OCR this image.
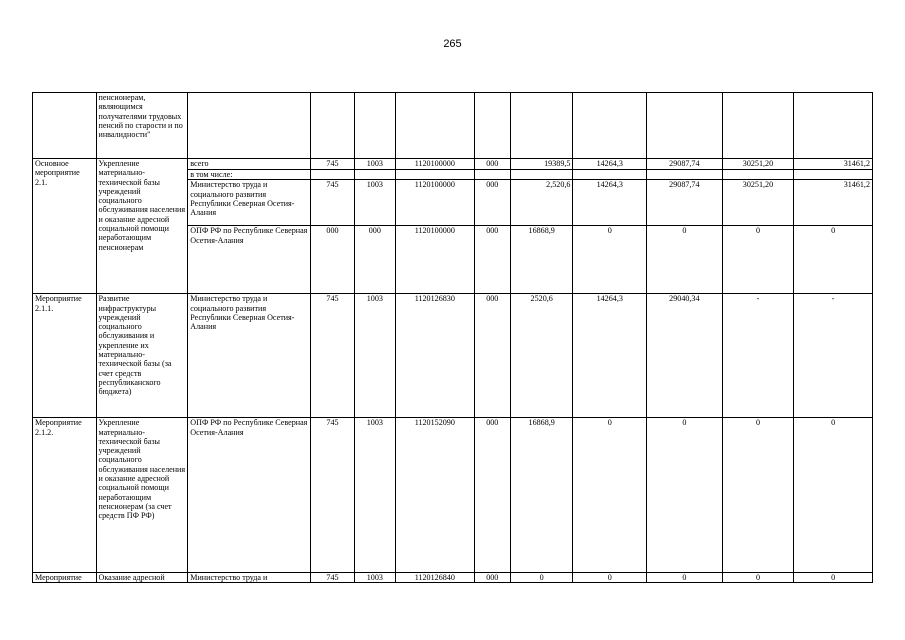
265
	пенсионерам, являющимся получателями трудовых пенсий по старости и по инвалидности"										
Основное мероприятие 2.1.	Укрепление материально-технической базы учреждений социального обслуживания населения и оказание адресной социальной помощи неработающим пенсионерам	всего	745	1003	1120100000	000	19389,5	14264,3	29087,74	30251,20	31461,2
		в том числе:									
		Министерство труда и социального развития Республики Северная Осетия-Алания	745	1003	1120100000	000	2,520,6	14264,3	29087,74	30251,20	31461,2
		ОПФ РФ по Республике Северная Осетия-Алания	000	000	1120100000	000	16868,9	0	0	0	0
Мероприятие 2.1.1.	Развитие инфраструктуры учреждений социального обслуживания и укрепление их материально-технической базы (за счет средств республиканского бюджета)	Министерство труда и социального развития Республики Северная Осетия-Алания	745	1003	1120126830	000	2520,6	14264,3	29040,34	-	-
Мероприятие 2.1.2.	Укрепление материально-технической базы учреждений социального обслуживания населения и оказание адресной социальной помощи неработающим пенсионерам (за счет средств ПФ РФ)	ОПФ РФ по Республике Северная Осетия-Алания	745	1003	1120152090	000	16868,9	0	0	0	0

Мероприятие	Оказание адресной	Министерство труда и	745	1003	1120126840	000	0	0	0	0	0
